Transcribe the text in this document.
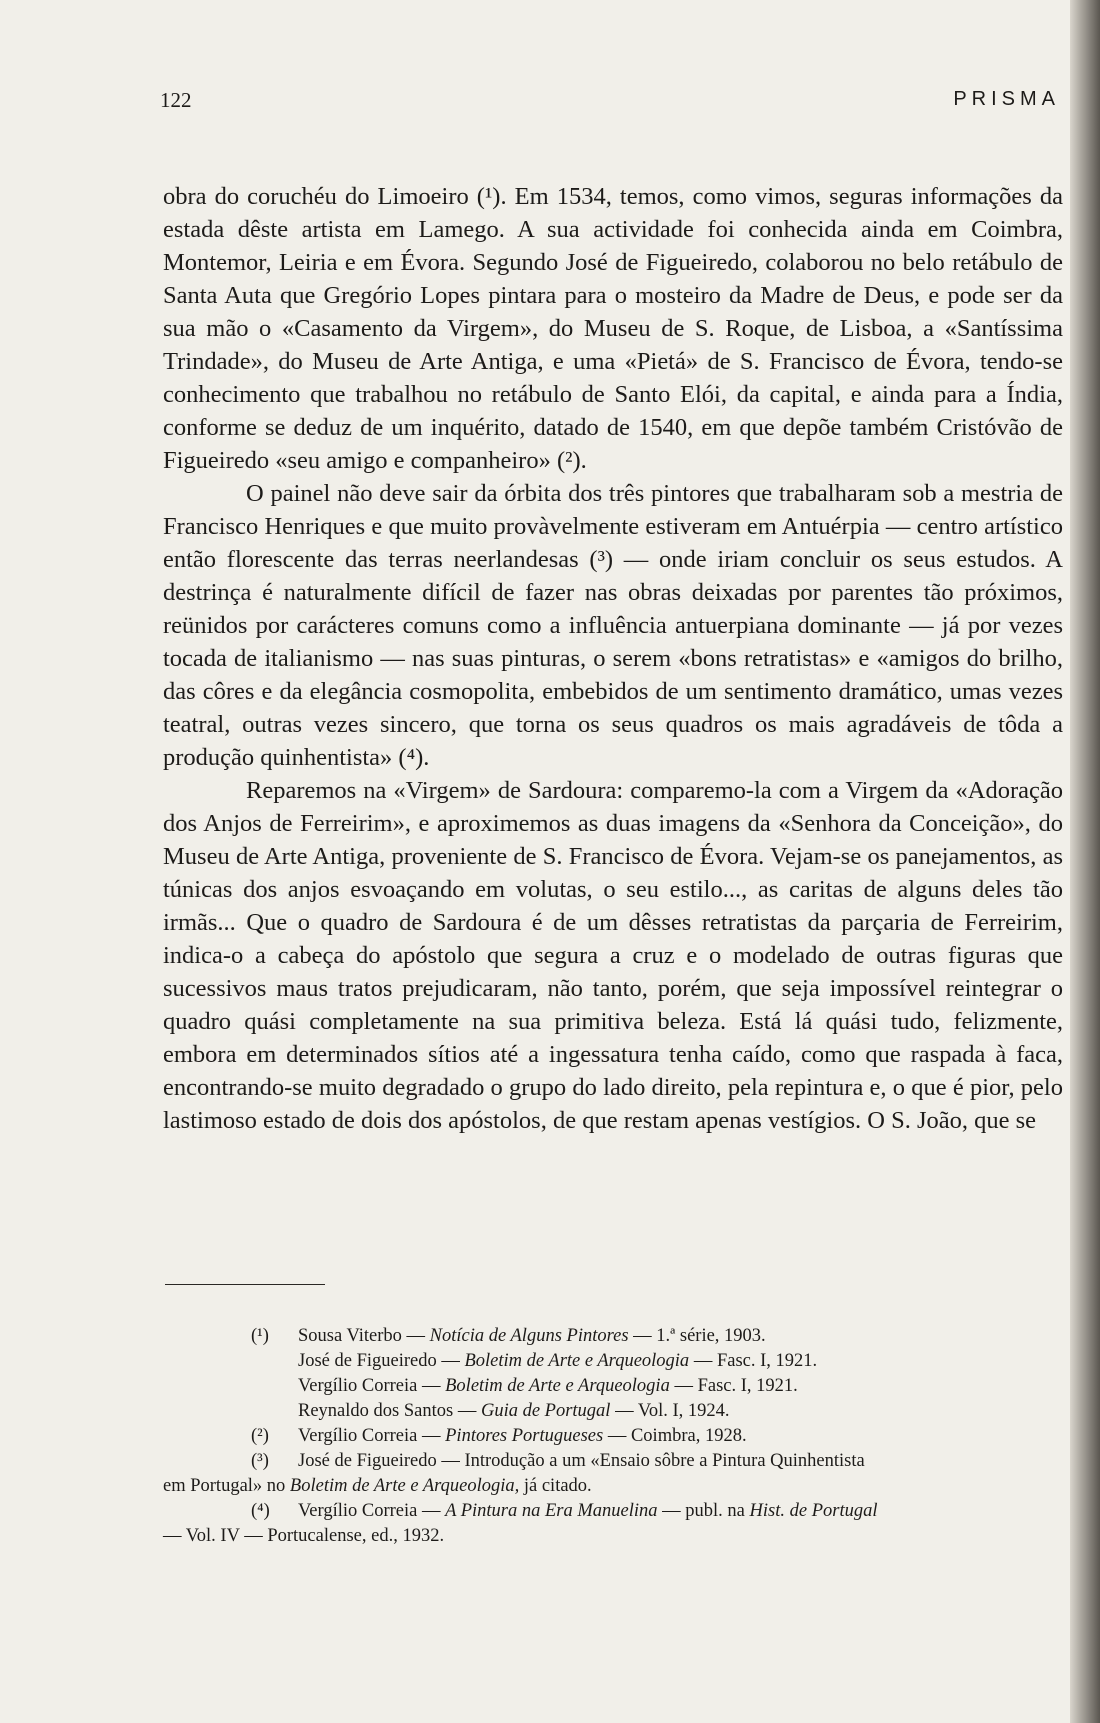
122	PRISMA

obra do coruchéu do Limoeiro (¹). Em 1534, temos, como vimos, seguras informações da estada dêste artista em Lamego. A sua actividade foi conhecida ainda em Coimbra, Montemor, Leiria e em Évora. Segundo José de Figueiredo, colaborou no belo retábulo de Santa Auta que Gregório Lopes pintara para o mosteiro da Madre de Deus, e pode ser da sua mão o «Casamento da Virgem», do Museu de S. Roque, de Lisboa, a «Santíssima Trindade», do Museu de Arte Antiga, e uma «Pietá» de S. Francisco de Évora, tendo-se conhecimento que trabalhou no retábulo de Santo Elói, da capital, e ainda para a Índia, conforme se deduz de um inquérito, datado de 1540, em que depõe também Cristóvão de Figueiredo «seu amigo e companheiro» (²).

O painel não deve sair da órbita dos três pintores que trabalharam sob a mestria de Francisco Henriques e que muito provàvelmente estiveram em Antuérpia — centro artístico então florescente das terras neerlandesas (³) — onde iriam concluir os seus estudos. A destrinça é naturalmente difícil de fazer nas obras deixadas por parentes tão próximos, reünidos por carácteres comuns como a influência antuerpiana dominante — já por vezes tocada de italianismo — nas suas pinturas, o serem «bons retratistas» e «amigos do brilho, das côres e da elegância cosmopolita, embebidos de um sentimento dramático, umas vezes teatral, outras vezes sincero, que torna os seus quadros os mais agradáveis de tôda a produção quinhentista» (⁴).

Reparemos na «Virgem» de Sardoura: comparemo-la com a Virgem da «Adoração dos Anjos de Ferreirim», e aproximemos as duas imagens da «Senhora da Conceição», do Museu de Arte Antiga, proveniente de S. Francisco de Évora. Vejam-se os panejamentos, as túnicas dos anjos esvoaçando em volutas, o seu estilo..., as caritas de alguns deles tão irmãs... Que o quadro de Sardoura é de um dêsses retratistas da parçaria de Ferreirim, indica-o a cabeça do apóstolo que segura a cruz e o modelado de outras figuras que sucessivos maus tratos prejudicaram, não tanto, porém, que seja impossível reintegrar o quadro quási completamente na sua primitiva beleza. Está lá quási tudo, felizmente, embora em determinados sítios até a ingessatura tenha caído, como que raspada à faca, encontrando-se muito degradado o grupo do lado direito, pela repintura e, o que é pior, pelo lastimoso estado de dois dos apóstolos, de que restam apenas vestígios. O S. João, que se

(¹)	Sousa Viterbo — Notícia de Alguns Pintores — 1.ª série, 1903.
José de Figueiredo — Boletim de Arte e Arqueologia — Fasc. I, 1921.
Vergílio Correia — Boletim de Arte e Arqueologia — Fasc. I, 1921.
Reynaldo dos Santos — Guia de Portugal — Vol. I, 1924.
(²)	Vergílio Correia — Pintores Portugueses — Coimbra, 1928.
(³)	José de Figueiredo — Introdução a um «Ensaio sôbre a Pintura Quinhentista
em Portugal» no Boletim de Arte e Arqueologia, já citado.
(⁴)	Vergílio Correia — A Pintura na Era Manuelina — publ. na Hist. de Portugal
— Vol. IV — Portucalense, ed., 1932.
